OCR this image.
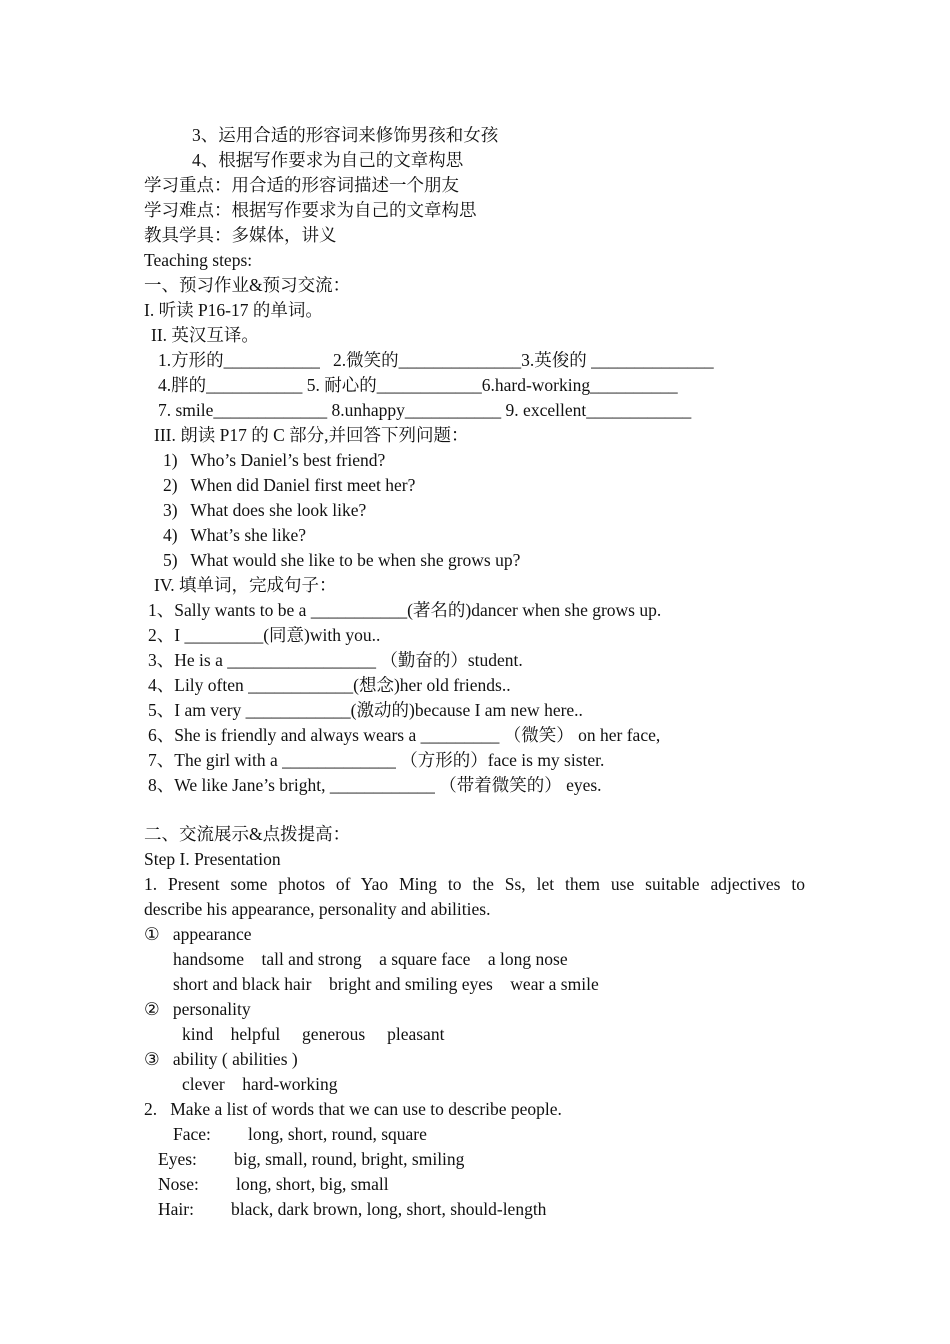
3、运用合适的形容词来修饰男孩和女孩
4、根据写作要求为自己的文章构思
学习重点：用合适的形容词描述一个朋友
学习难点：根据写作要求为自己的文章构思
教具学具：多媒体，讲义
Teaching steps:
一、预习作业&预习交流：
I. 听读 P16-17 的单词。
II. 英汉互译。
1.方形的___________   2.微笑的______________3.英俊的 ______________
4.胖的___________ 5. 耐心的____________6.hard-working__________
7. smile_____________ 8.unhappy___________ 9. excellent____________
III. 朗读 P17 的 C 部分,并回答下列问题：
1)   Who’s Daniel’s best friend?
2)   When did Daniel first meet her?
3)   What does she look like?
4)   What’s she like?
5)   What would she like to be when she grows up?
IV. 填单词，完成句子：
1、Sally wants to be a ___________(著名的)dancer when she grows up.
2、I _________(同意)with you..
3、He is a _________________ （勤奋的）student.
4、Lily often ____________(想念)her old friends..
5、I am very ____________(激动的)because I am new here..
6、She is friendly and always wears a _________ （微笑） on her face,
7、The girl with a _____________ （方形的）face is my sister.
8、We like Jane’s bright, ____________ （带着微笑的） eyes.
二、交流展示&点拨提高：
Step I. Presentation
1. Present some photos of Yao Ming to the Ss, let them use suitable adjectives to
describe his appearance, personality and abilities.
①   appearance
handsome    tall and strong    a square face    a long nose
short and black hair    bright and smiling eyes    wear a smile
②   personality
kind    helpful     generous     pleasant
③   ability ( abilities )
clever    hard-working
2.   Make a list of words that we can use to describe people.
Face: long, short, round, square
Eyes: big, small, round, bright, smiling
Nose: long, short, big, small
Hair: black, dark brown, long, short, should-length
